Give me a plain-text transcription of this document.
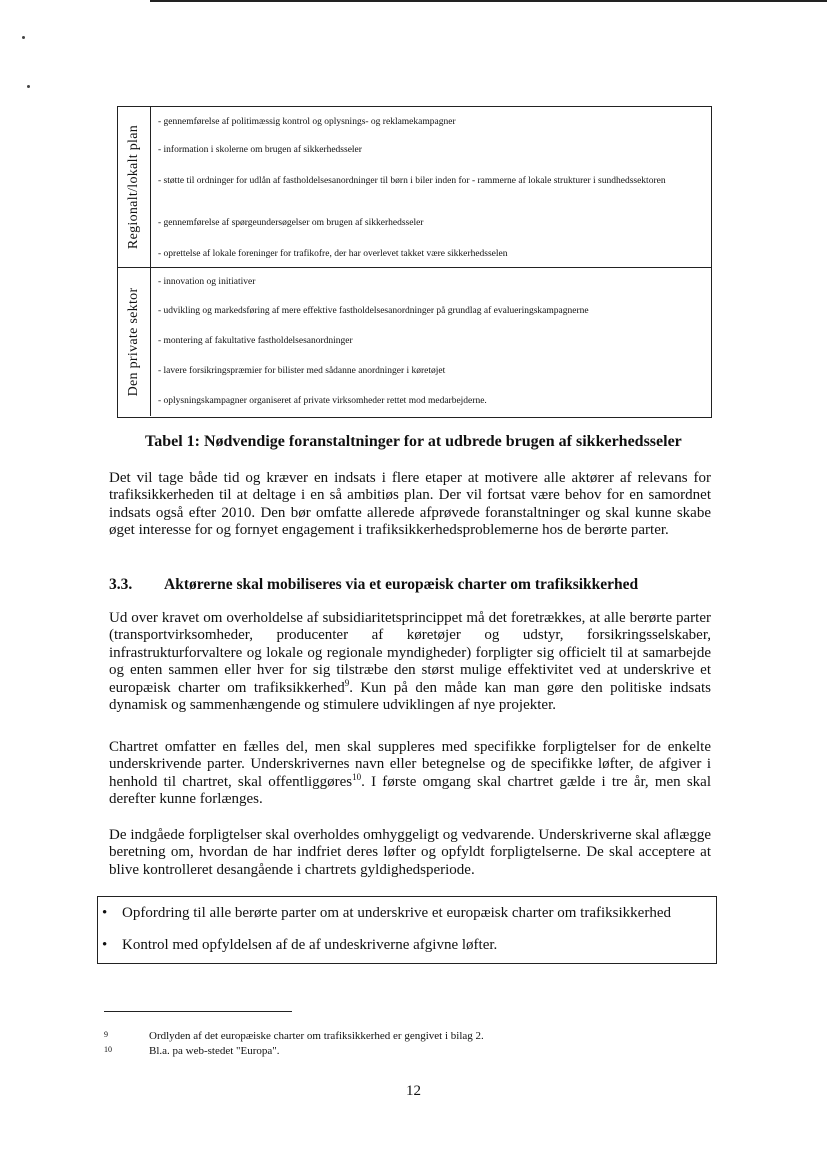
Regionalt/lokalt plan
- gennemførelse af politimæssig kontrol og oplysnings- og reklamekampagner
- information i skolerne om brugen af sikkerhedsseler
- støtte til ordninger for udlån af fastholdelsesanordninger til børn i biler inden for - rammerne af lokale strukturer i sundhedssektoren
- gennemførelse af spørgeundersøgelser om brugen af sikkerhedsseler
- oprettelse af lokale foreninger for trafikofre, der har overlevet takket være sikkerhedsselen
Den private sektor
- innovation og initiativer
- udvikling og markedsføring af mere effektive fastholdelsesanordninger på grundlag af evalueringskampagnerne
- montering af fakultative fastholdelsesanordninger
- lavere forsikringspræmier for bilister med sådanne anordninger i køretøjet
- oplysningskampagner organiseret af private virksomheder rettet mod medarbejderne.
Tabel 1: Nødvendige foranstaltninger for at udbrede brugen af sikkerhedsseler

Det vil tage både tid og kræver en indsats i flere etaper at motivere alle aktører af relevans for trafiksikkerheden til at deltage i en så ambitiøs plan. Der vil fortsat være behov for en samordnet indsats også efter 2010. Den bør omfatte allerede afprøvede foranstaltninger og skal kunne skabe øget interesse for og fornyet engagement i trafiksikkerhedsproblemerne hos de berørte parter.

3.3. Aktørerne skal mobiliseres via et europæisk charter om trafiksikkerhed

Ud over kravet om overholdelse af subsidiaritetsprincippet må det foretrækkes, at alle berørte parter (transportvirksomheder, producenter af køretøjer og udstyr, forsikringsselskaber, infrastrukturforvaltere og lokale og regionale myndigheder) forpligter sig officielt til at samarbejde og enten sammen eller hver for sig tilstræbe den størst mulige effektivitet ved at underskrive et europæisk charter om trafiksikkerhed$^9$. Kun på den måde kan man gøre den politiske indsats dynamisk og sammenhængende og stimulere udviklingen af nye projekter.

Chartret omfatter en fælles del, men skal suppleres med specifikke forpligtelser for de enkelte underskrivende parter. Underskrivernes navn eller betegnelse og de specifikke løfter, de afgiver i henhold til chartret, skal offentliggøres$^{10}$. I første omgang skal chartret gælde i tre år, men skal derefter kunne forlænges.

De indgåede forpligtelser skal overholdes omhyggeligt og vedvarende. Underskriverne skal aflægge beretning om, hvordan de har indfriet deres løfter og opfyldt forpligtelserne. De skal acceptere at blive kontrolleret desangående i chartrets gyldighedsperiode.

• Opfordring til alle berørte parter om at underskrive et europæisk charter om trafiksikkerhed
• Kontrol med opfyldelsen af de af undeskriverne afgivne løfter.
9	Ordlyden af det europæiske charter om trafiksikkerhed er gengivet i bilag 2.
10	Bl.a. pa web-stedet "Europa".
12
